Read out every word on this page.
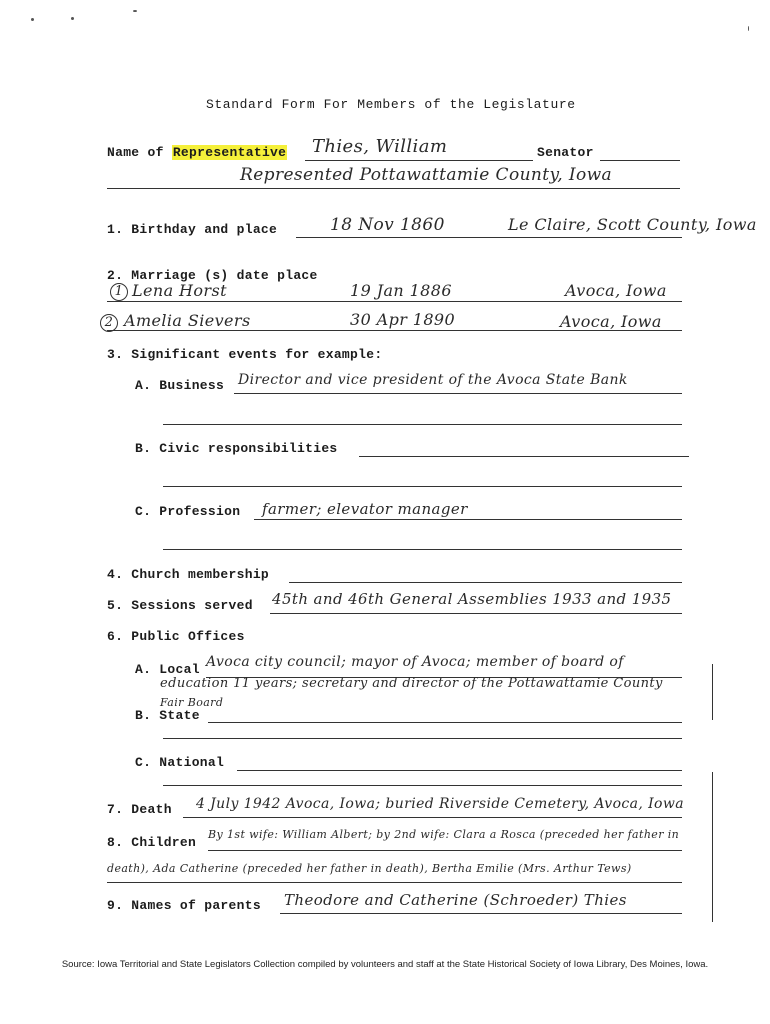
Standard Form For Members of the Legislature
Name of Representative Thies, William	Senator
Represented Pottawattamie County, Iowa
1. Birthday and place	18 Nov 1860	Le Claire, Scott County, Iowa
2. Marriage (s) date place
1 Lena Horst	19 Jan 1886	Avoca, Iowa
2 Amelia Sievers	30 Apr 1890	Avoca, Iowa
3. Significant events for example:
A. Business Director and vice president of the Avoca State Bank
B. Civic responsibilities
C. Profession farmer; elevator manager
4. Church membership
5. Sessions served 45th and 46th General Assemblies 1933 and 1935
6. Public Offices
A. Local Avoca city council; mayor of Avoca; member of board of
education 11 years; secretary and director of the Pottawattamie County
Fair Board
B. State
C. National
7. Death 4 July 1942 Avoca, Iowa; buried Riverside Cemetery, Avoca, Iowa
8. Children
By 1st wife: William Albert; by 2nd wife: Clara a Rosca (preceded her father in
death), Ada Catherine (preceded her father in death), Bertha Emilie (Mrs. Arthur Tews)
9. Names of parents Theodore and Catherine (Schroeder) Thies
Source: Iowa Territorial and State Legislators Collection compiled by volunteers and staff at the State Historical Society of Iowa Library, Des Moines, Iowa.
